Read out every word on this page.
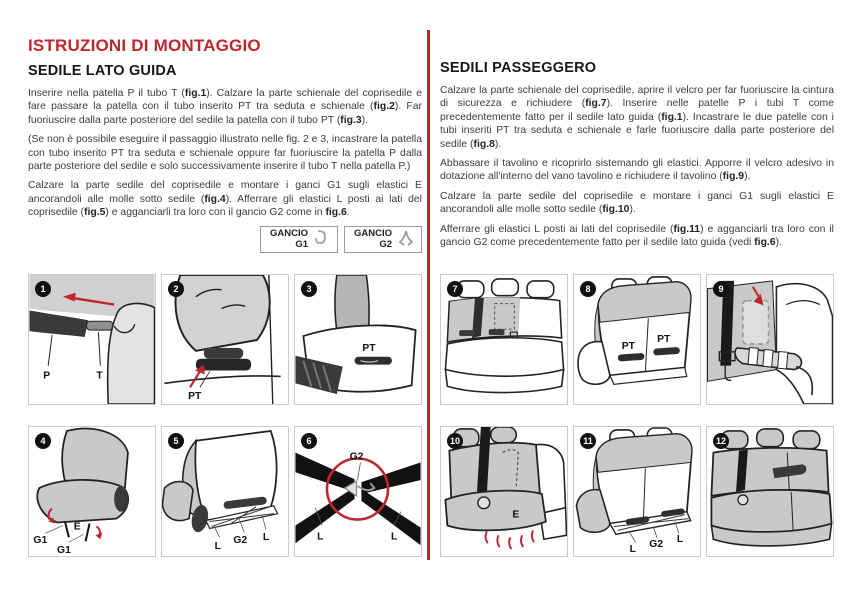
ISTRUZIONI DI MONTAGGIO
SEDILE LATO GUIDA

Inserire nella patella P il tubo T (fig.1). Calzare la parte schienale del coprisedile e fare passare la patella con il tubo inserito PT tra seduta e schienale (fig.2). Far fuoriuscire dalla parte posteriore del sedile la patella con il tubo PT (fig.3).

(Se non è possibile eseguire il passaggio illustrato nelle fig. 2 e 3, incastrare la patella con tubo inserito PT tra seduta e schienale oppure far fuoriuscire la patella P dalla parte posteriore del sedile e solo successivamente inserire il tubo T nella patella P.)

Calzare la parte sedile del coprisedile e montare i ganci G1 sugli elastici E ancorandoli alle molle sotto sedile (fig.4). Afferrare gli elastici L posti ai lati del coprisedile (fig.5) e agganciarli tra loro con il gancio G2 come in fig.6.

GANCIO
G1
GANCIO
G2
SEDILI PASSEGGERO

Calzare la parte schienale del coprisedile, aprire il velcro per far fuoriuscire la cintura di sicurezza e richiudere (fig.7). Inserire nelle patelle P i tubi T come precedentemente fatto per il sedile lato guida (fig.1). Incastrare le due patelle con i tubi inseriti PT tra seduta e schienale e farle fuoriuscire dalla parte posteriore del sedile (fig.8).

Abbassare il tavolino e ricoprirlo sistemando gli elastici. Apporre il velcro adesivo in dotazione all'interno del vano tavolino e richiudere il tavolino (fig.9).

Calzare la parte sedile del coprisedile e montare i ganci G1 sugli elastici E ancorandoli alle molle sotto sedile (fig.10).

Afferrare gli elastici L posti ai lati del coprisedile (fig.11) e agganciarli tra loro con il gancio G2 come precedentemente fatto per il sedile lato guida (vedi fig.6).

1
P	T
2
PT
3
PT
4
G1
E
G1
5
L
G2 L
6
G2
L	L
7	8
PT
PT
9
10
E
11
L G2 L
12
